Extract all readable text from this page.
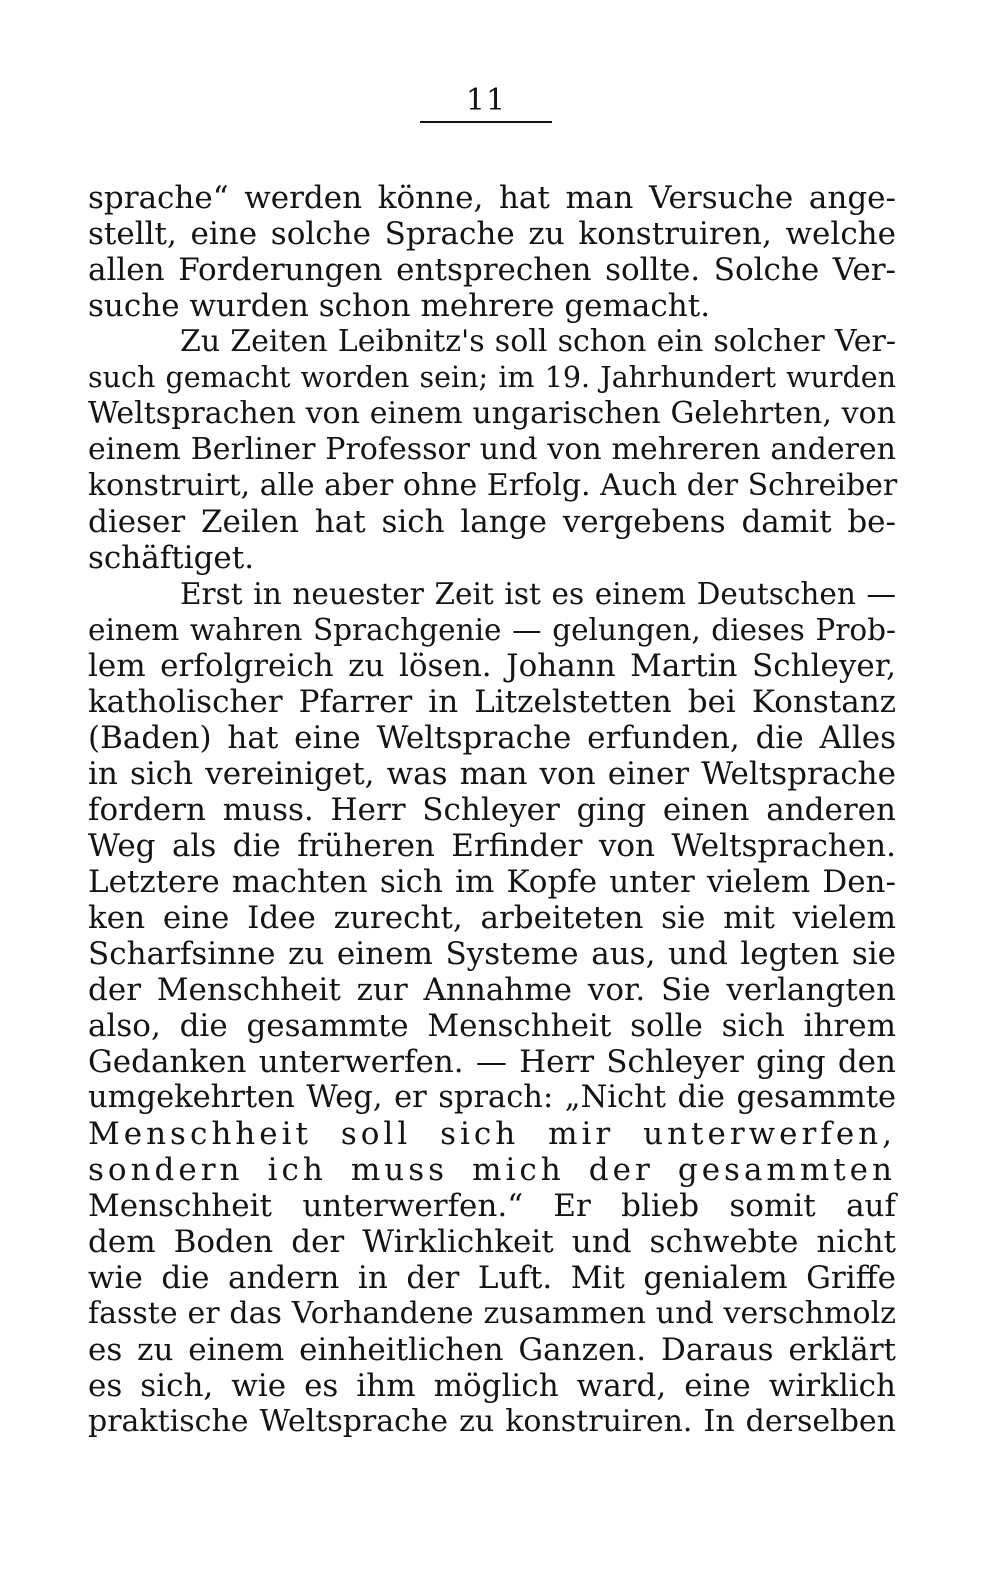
11
sprache“ werden könne, hat man Versuche ange-
stellt, eine solche Sprache zu konstruiren, welche
allen Forderungen entsprechen sollte. Solche Ver-
suche wurden schon mehrere gemacht.
Zu Zeiten Leibnitz's soll schon ein solcher Ver-
such gemacht worden sein; im 19. Jahrhundert wurden
Weltsprachen von einem ungarischen Gelehrten, von
einem Berliner Professor und von mehreren anderen
konstruirt, alle aber ohne Erfolg. Auch der Schreiber
dieser Zeilen hat sich lange vergebens damit be-
schäftiget.
Erst in neuester Zeit ist es einem Deutschen —
einem wahren Sprachgenie — gelungen, dieses Prob-
lem erfolgreich zu lösen. Johann Martin Schleyer,
katholischer Pfarrer in Litzelstetten bei Konstanz
(Baden) hat eine Weltsprache erfunden, die Alles
in sich vereiniget, was man von einer Weltsprache
fordern muss. Herr Schleyer ging einen anderen
Weg als die früheren Erfinder von Weltsprachen.
Letztere machten sich im Kopfe unter vielem Den-
ken eine Idee zurecht, arbeiteten sie mit vielem
Scharfsinne zu einem Systeme aus, und legten sie
der Menschheit zur Annahme vor. Sie verlangten
also, die gesammte Menschheit solle sich ihrem
Gedanken unterwerfen. — Herr Schleyer ging den
umgekehrten Weg, er sprach: „Nicht die gesammte
Menschheit soll sich mir unterwerfen,
sondern ich muss mich der gesammten
Menschheit unterwerfen.“ Er blieb somit auf
dem Boden der Wirklichkeit und schwebte nicht
wie die andern in der Luft. Mit genialem Griffe
fasste er das Vorhandene zusammen und verschmolz
es zu einem einheitlichen Ganzen. Daraus erklärt
es sich, wie es ihm möglich ward, eine wirklich
praktische Weltsprache zu konstruiren. In derselben
